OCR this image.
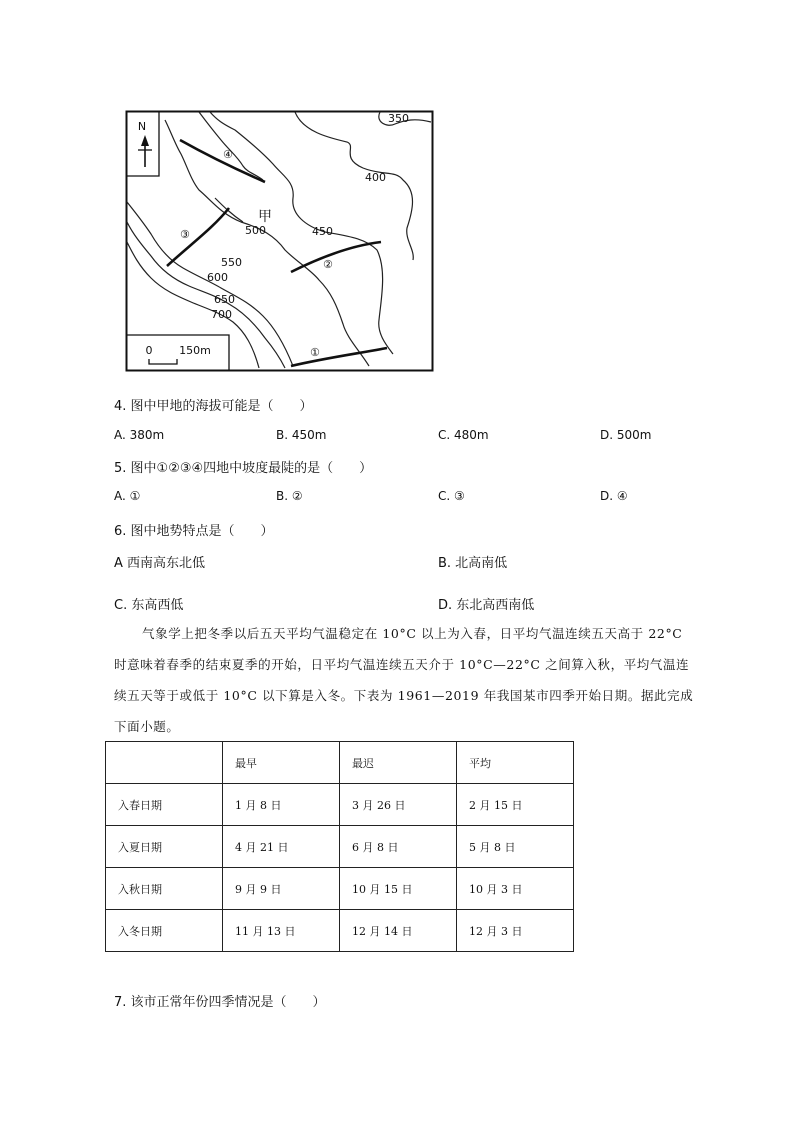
N
0 150m
350
400
450
500
550
600
650
700
甲
①
②
③
④
4. 图中甲地的海拔可能是（　　）
A. 380m	B. 450m	C. 480m	D. 500m
5. 图中①②③④四地中坡度最陡的是（　　）
A. ①	B. ②	C. ③	D. ④
6. 图中地势特点是（　　）
A 西南高东北低	B. 北高南低
C. 东高西低	D. 东北高西南低
气象学上把冬季以后五天平均气温稳定在 10°C 以上为入春，日平均气温连续五天高于 22°C
时意味着春季的结束夏季的开始，日平均气温连续五天介于 10°C—22°C 之间算入秋，平均气温连
续五天等于或低于 10°C 以下算是入冬。下表为 1961—2019 年我国某市四季开始日期。据此完成
下面小题。
	最早	最迟	平均
入春日期	1 月 8 日	3 月 26 日	2 月 15 日
入夏日期	4 月 21 日	6 月 8 日	5 月 8 日
入秋日期	9 月 9 日	10 月 15 日	10 月 3 日
入冬日期	11 月 13 日	12 月 14 日	12 月 3 日
7. 该市正常年份四季情况是（　　）
